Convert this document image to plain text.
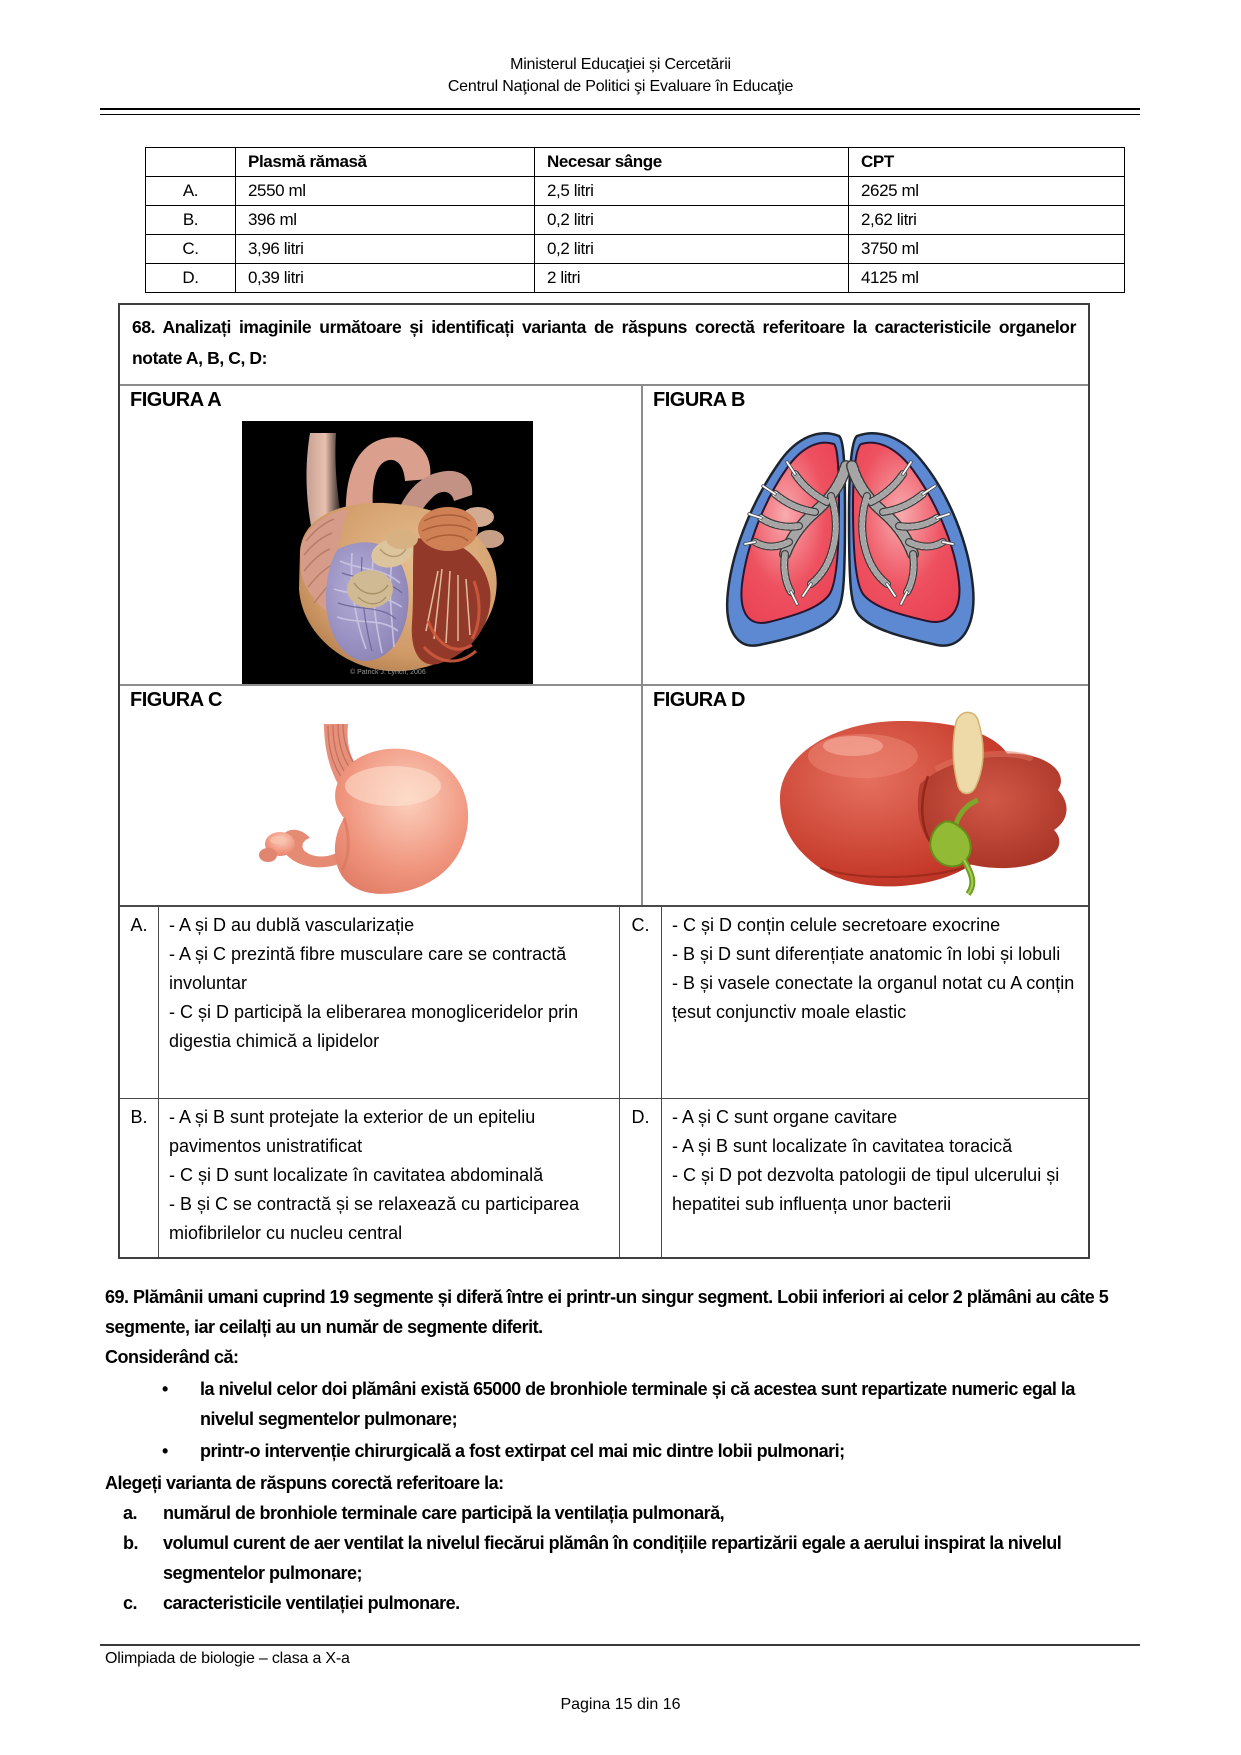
Ministerul Educaţiei și Cercetării
Centrul Naţional de Politici şi Evaluare în Educaţie
	Plasmă rămasă	Necesar sânge	CPT
A.	2550 ml	2,5 litri	2625 ml
B.	396 ml	0,2 litri	2,62 litri
C.	3,96 litri	0,2 litri	3750 ml
D.	0,39 litri	2 litri	4125 ml
68. Analizați imaginile următoare și identificați varianta de răspuns corectă referitoare la caracteristicile organelor notate A, B, C, D:
FIGURA A
© Patrick J. Lynch, 2006
FIGURA B
FIGURA C	FIGURA D
A.	- A și D au dublă vascularizație
- A și C prezintă fibre musculare care se contractă involuntar
- C și D participă la eliberarea monogliceridelor prin digestia chimică a lipidelor
C.	- C și D conțin celule secretoare exocrine
- B și D sunt diferențiate anatomic în lobi și lobuli
- B și vasele conectate la organul notat cu A conțin țesut conjunctiv moale elastic
B.	- A și B sunt protejate la exterior de un epiteliu pavimentos unistratificat
- C și D sunt localizate în cavitatea abdominală
- B și C se contractă și se relaxează cu participarea miofibrilelor cu nucleu central
D.	- A și C sunt organe cavitare
- A și B sunt localizate în cavitatea toracică
- C și D pot dezvolta patologii de tipul ulcerului și hepatitei sub influența unor bacterii

69. Plămânii umani cuprind 19 segmente și diferă între ei printr-un singur segment. Lobii inferiori ai celor 2 plămâni au câte 5 segmente, iar ceilalți au un număr de segmente diferit.

Considerând că:

•	la nivelul celor doi plămâni există 65000 de bronhiole terminale și că acestea sunt repartizate numeric egal la nivelul segmentelor pulmonare;
•	printr-o intervenție chirurgicală a fost extirpat cel mai mic dintre lobii pulmonari;

Alegeți varianta de răspuns corectă referitoare la:

a.	numărul de bronhiole terminale care participă la ventilația pulmonară,
b.	volumul curent de aer ventilat la nivelul fiecărui plămân în condițiile repartizării egale a aerului inspirat la nivelul segmentelor pulmonare;
c.	caracteristicile ventilației pulmonare.
Olimpiada de biologie – clasa a X-a
Pagina 15 din 16
